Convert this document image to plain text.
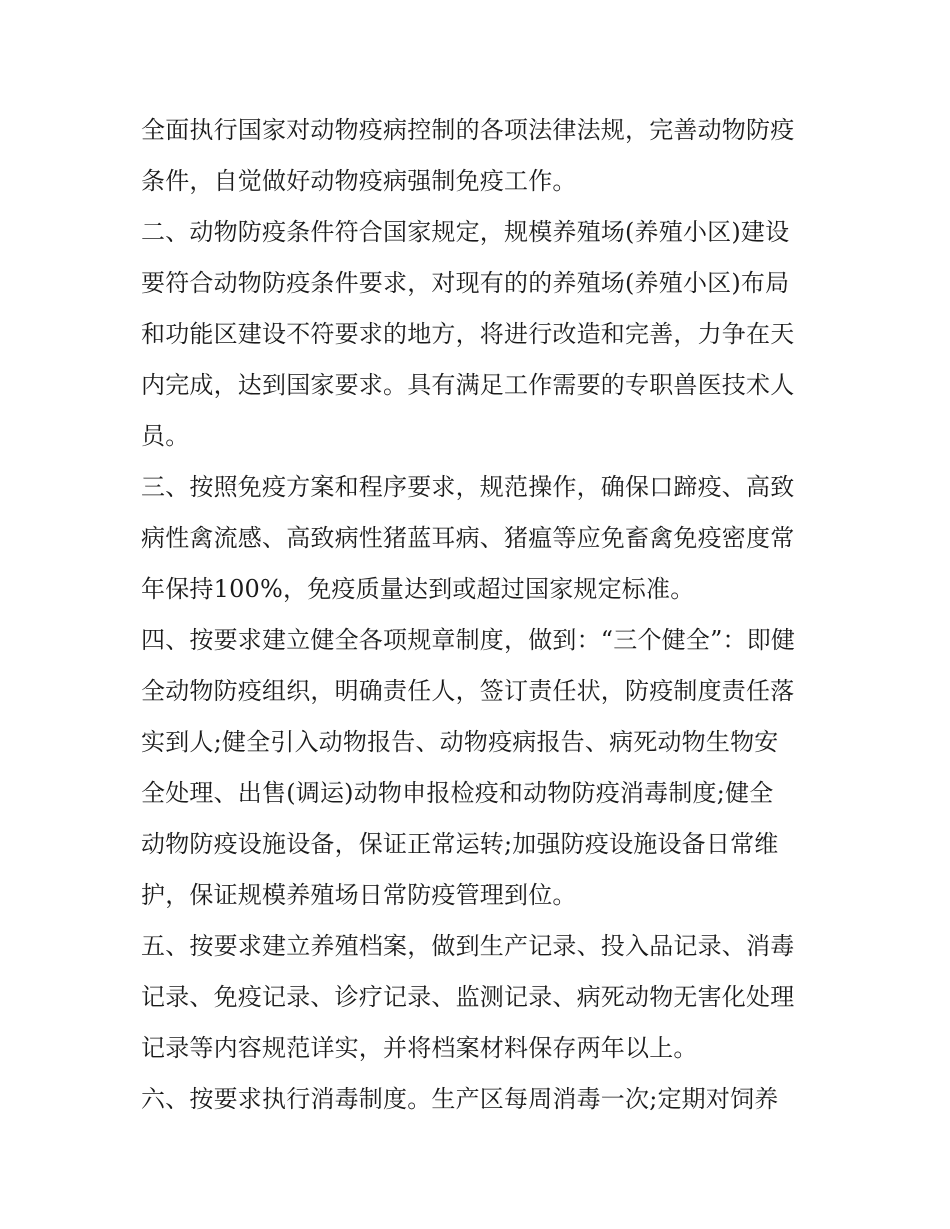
全面执行国家对动物疫病控制的各项法律法规，完善动物防疫
条件，自觉做好动物疫病强制免疫工作。
二、动物防疫条件符合国家规定，规模养殖场(养殖小区)建设
要符合动物防疫条件要求，对现有的的养殖场(养殖小区)布局
和功能区建设不符要求的地方，将进行改造和完善，力争在天
内完成，达到国家要求。具有满足工作需要的专职兽医技术人
员。
三、按照免疫方案和程序要求，规范操作，确保口蹄疫、高致
病性禽流感、高致病性猪蓝耳病、猪瘟等应免畜禽免疫密度常
年保持100%，免疫质量达到或超过国家规定标准。
四、按要求建立健全各项规章制度，做到：“三个健全”：即健
全动物防疫组织，明确责任人，签订责任状，防疫制度责任落
实到人;健全引入动物报告、动物疫病报告、病死动物生物安
全处理、出售(调运)动物申报检疫和动物防疫消毒制度;健全
动物防疫设施设备，保证正常运转;加强防疫设施设备日常维
护，保证规模养殖场日常防疫管理到位。
五、按要求建立养殖档案，做到生产记录、投入品记录、消毒
记录、免疫记录、诊疗记录、监测记录、病死动物无害化处理
记录等内容规范详实，并将档案材料保存两年以上。
六、按要求执行消毒制度。生产区每周消毒一次;定期对饲养
